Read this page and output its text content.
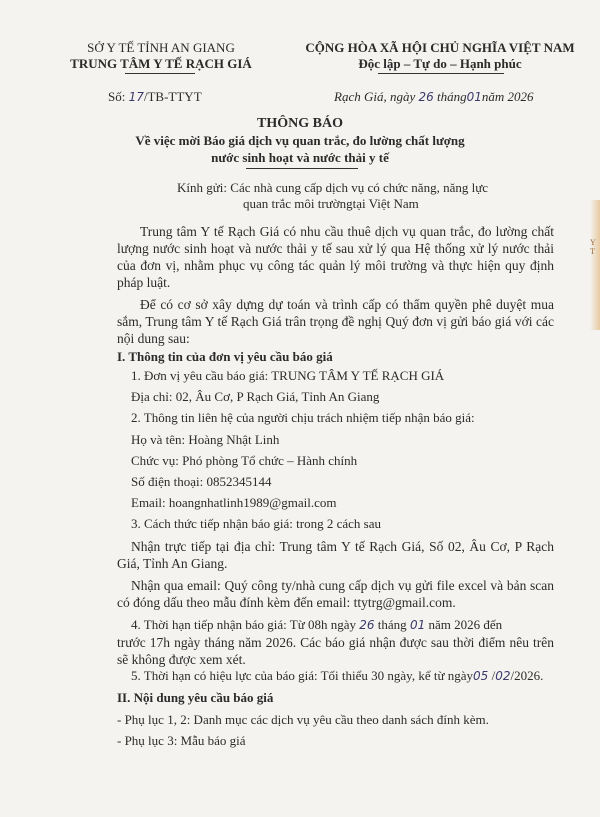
SỞ Y TẾ TỈNH AN GIANG
TRUNG TÂM Y TẾ RẠCH GIÁ
Số: 17/TB-TTYT
CỘNG HÒA XÃ HỘI CHỦ NGHĨA VIỆT NAM
Độc lập – Tự do – Hạnh phúc
Rạch Giá, ngày 26 tháng01năm 2026
THÔNG BÁO
Về việc mời Báo giá dịch vụ quan trắc, đo lường chất lượng
nước sinh hoạt và nước thải y tế
Kính gửi: Các nhà cung cấp dịch vụ có chức năng, năng lực
quan trắc môi trườngtại Việt Nam
Trung tâm Y tế Rạch Giá có nhu cầu thuê dịch vụ quan trắc, đo lường chất lượng nước sinh hoạt và nước thải y tế sau xử lý qua Hệ thống xử lý nước thải của đơn vị, nhằm phục vụ công tác quản lý môi trường và thực hiện quy định pháp luật.
Để có cơ sở xây dựng dự toán và trình cấp có thẩm quyền phê duyệt mua sắm, Trung tâm Y tế Rạch Giá trân trọng đề nghị Quý đơn vị gửi báo giá với các nội dung sau:
I. Thông tin của đơn vị yêu cầu báo giá
1. Đơn vị yêu cầu báo giá: TRUNG TÂM Y TẾ RẠCH GIÁ
Địa chỉ: 02, Âu Cơ, P Rạch Giá, Tỉnh An Giang
2. Thông tin liên hệ của người chịu trách nhiệm tiếp nhận báo giá:
Họ và tên: Hoàng Nhật Linh
Chức vụ: Phó phòng Tổ chức – Hành chính
Số điện thoại: 0852345144
Email: hoangnhatlinh1989@gmail.com
3. Cách thức tiếp nhận báo giá: trong 2 cách sau
Nhận trực tiếp tại địa chỉ: Trung tâm Y tế Rạch Giá, Số 02, Âu Cơ, P Rạch Giá, Tỉnh An Giang.
Nhận qua email: Quý công ty/nhà cung cấp dịch vụ gửi file excel và bản scan có đóng dấu theo mẫu đính kèm đến email: ttytrg@gmail.com.
4. Thời hạn tiếp nhận báo giá: Từ 08h ngày 26 tháng 01 năm 2026 đến
trước 17h ngày tháng năm 2026. Các báo giá nhận được sau thời điểm nêu trên sẽ không được xem xét.
5. Thời hạn có hiệu lực của báo giá: Tối thiểu 30 ngày, kể từ ngày05 /02/2026.
II. Nội dung yêu cầu báo giá
- Phụ lục 1, 2: Danh mục các dịch vụ yêu cầu theo danh sách đính kèm.
- Phụ lục 3: Mẫu báo giá
Y T
